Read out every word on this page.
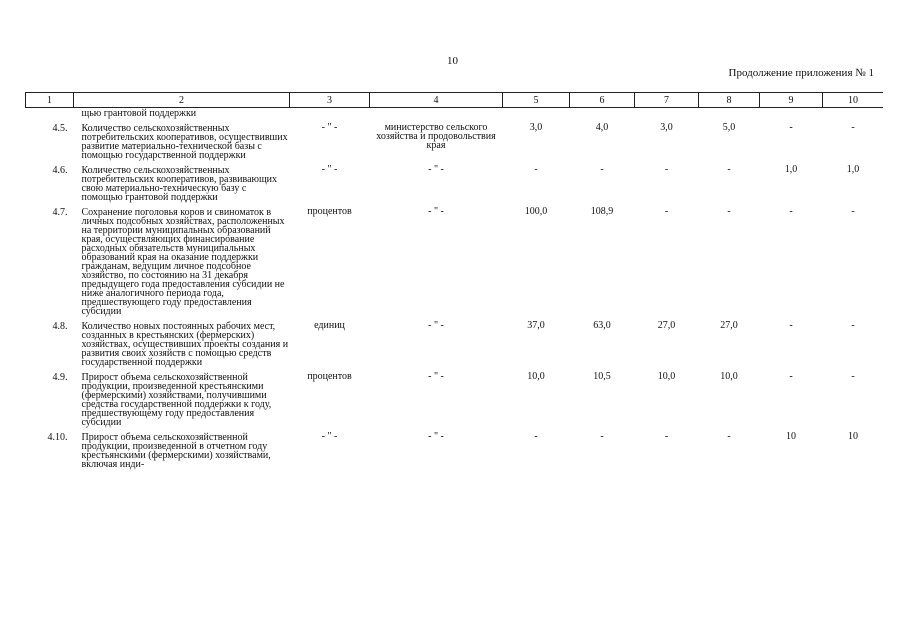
10
Продолжение приложения № 1
1	2	3	4	5	6	7	8	9	10
	щью грантовой поддержки								
4.5.	Количество сельскохозяйственных потребительских кооперативов, осуществивших развитие материально-технической базы с помощью государственной поддержки	- " -	министерство сельского хозяйства и продовольствия края	3,0	4,0	3,0	5,0	-	-
4.6.	Количество сельскохозяйственных потребительских кооперативов, развивающих свою материально-техническую базу с помощью грантовой поддержки	- " -	- " -	-	-	-	-	1,0	1,0
4.7.	Сохранение поголовья коров и свиноматок в личных подсобных хозяйствах, расположенных на территории муниципальных образований края, осуществляющих финансирование расходных обязательств муниципальных образований края на оказание поддержки гражданам, ведущим личное подсобное хозяйство, по состоянию на 31 декабря предыдущего года предоставления субсидии не ниже аналогичного периода года, предшествующего году предоставления субсидии	процентов	- " -	100,0	108,9	-	-	-	-
4.8.	Количество новых постоянных рабочих мест, созданных в крестьянских (фермерских) хозяйствах, осуществивших проекты создания и развития своих хозяйств с помощью средств государственной поддержки	единиц	- " -	37,0	63,0	27,0	27,0	-	-
4.9.	Прирост объема сельскохозяйственной продукции, произведенной крестьянскими (фермерскими) хозяйствами, получившими средства государственной поддержки к году, предшествующему году предоставления субсидии	процентов	- " -	10,0	10,5	10,0	10,0	-	-
4.10.	Прирост объема сельскохозяйственной продукции, произведенной в отчетном году крестьянскими (фермерскими) хозяйствами, включая инди-	- " -	- " -	-	-	-	-	10	10
